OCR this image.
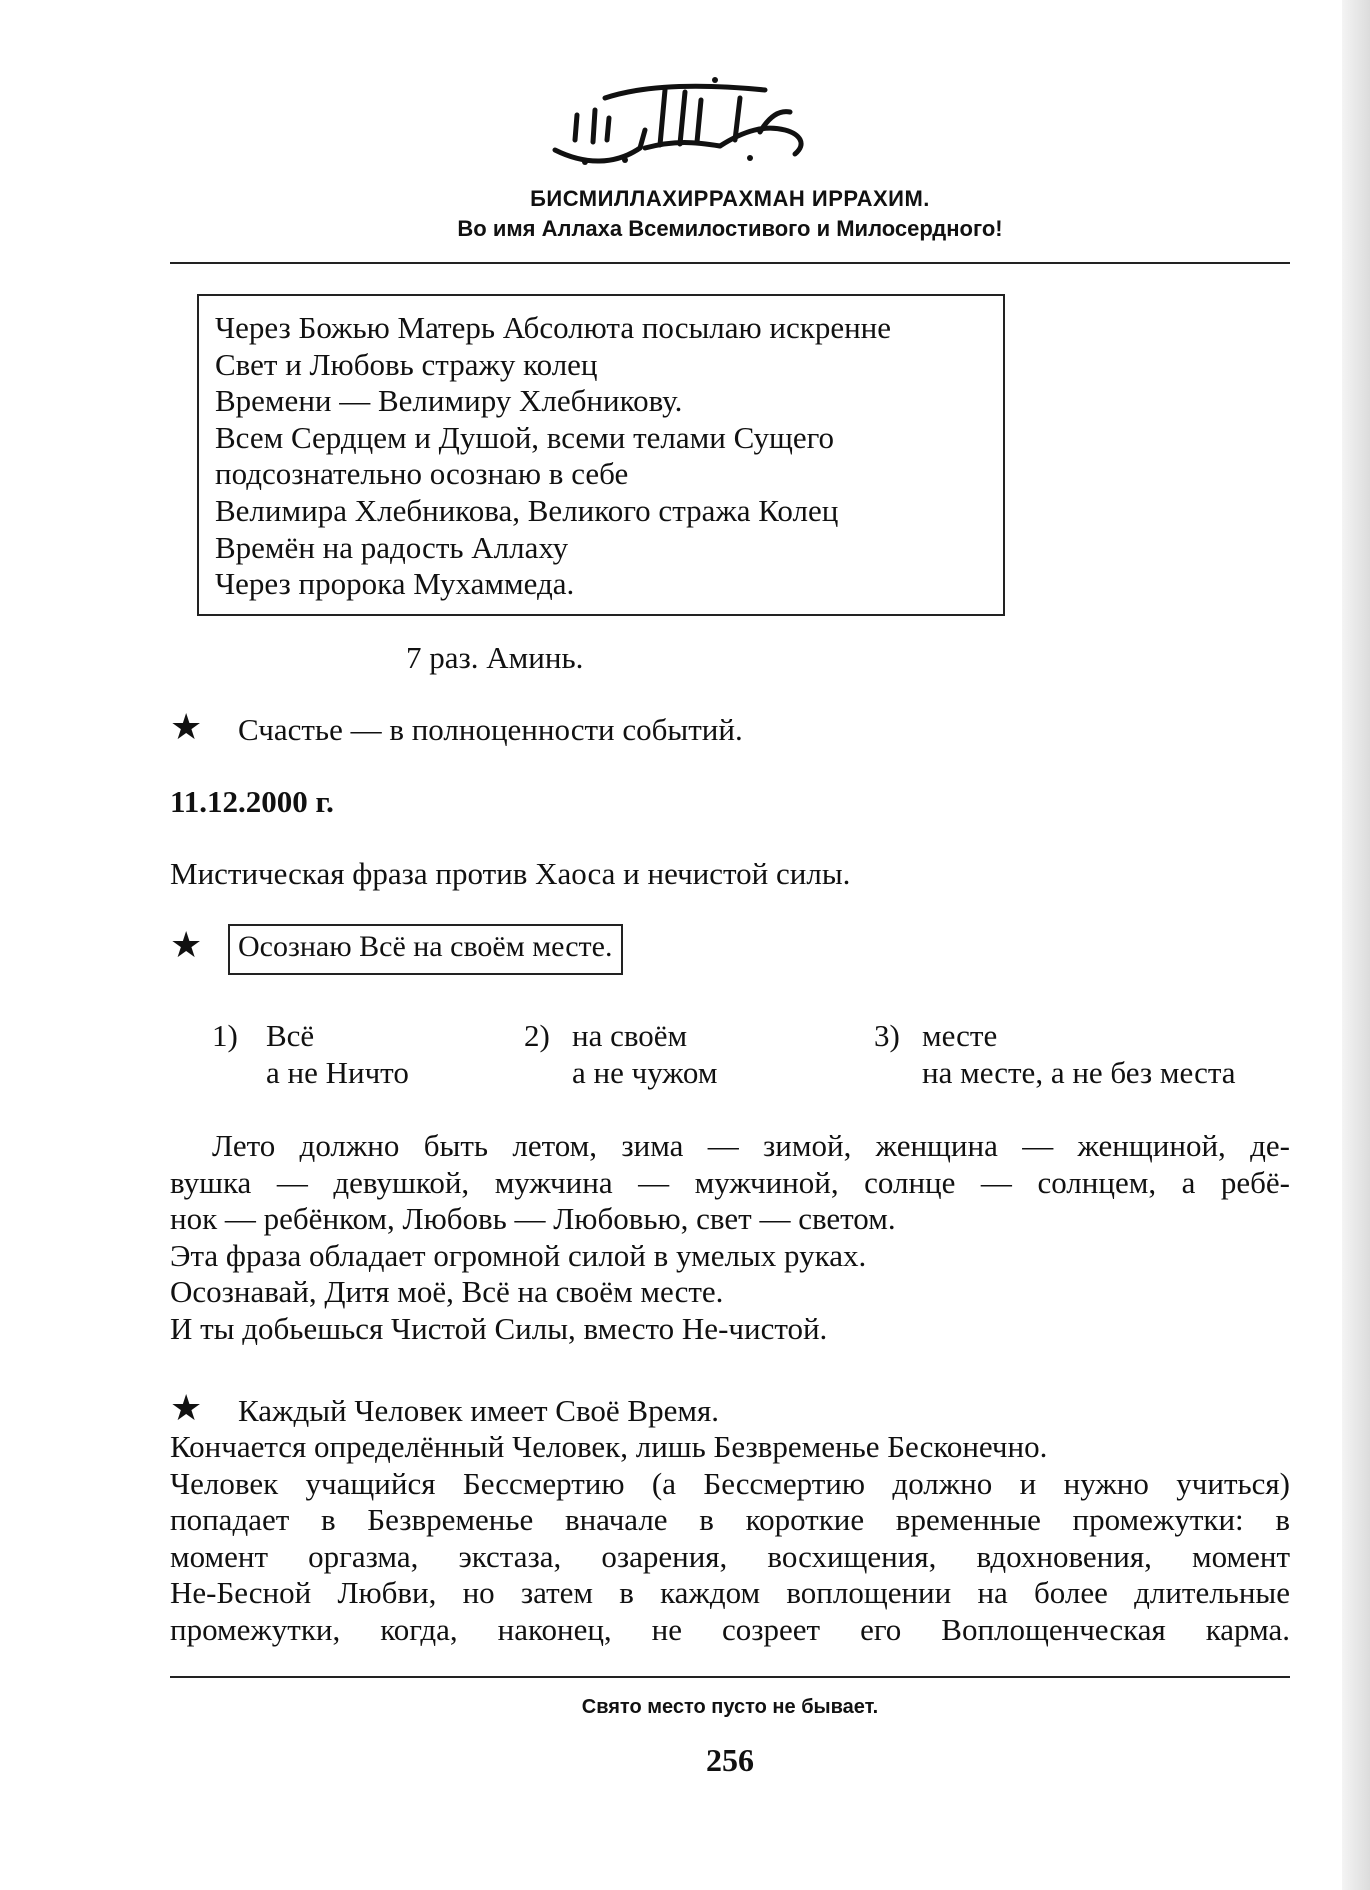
БИСМИЛЛАХИРРАХМАН ИРРАХИМ.
Во имя Аллаха Всемилостивого и Милосердного!
Через Божью Матерь Абсолюта посылаю искренне
Свет и Любовь стражу колец
Времени — Велимиру Хлебникову.
Всем Сердцем и Душой, всеми телами Сущего
подсознательно осознаю в себе
Велимира Хлебникова, Великого стража Колец
Времён на радость Аллаху
Через пророка Мухаммеда.
7 раз. Аминь.
★ Счастье — в полноценности событий.
11.12.2000 г.
Мистическая фраза против Хаоса и нечистой силы.
★	Осознаю Всё на своём месте.
1) Всё
а не Ничто
2) на своём
а не чужом
3) месте
на месте, а не без места
Лето должно быть летом, зима — зимой, женщина — женщиной, де-
вушка — девушкой, мужчина — мужчиной, солнце — солнцем, а ребё-
нок — ребёнком, Любовь — Любовью, свет — светом.
Эта фраза обладает огромной силой в умелых руках.
Осознавай, Дитя моё, Всё на своём месте.
И ты добьешься Чистой Силы, вместо Не-чистой.
★ Каждый Человек имеет Своё Время.
Кончается определённый Человек, лишь Безвременье Бесконечно.
Человек учащийся Бессмертию (а Бессмертию должно и нужно учиться)
попадает в Безвременье вначале в короткие временные промежутки: в
момент оргазма, экстаза, озарения, восхищения, вдохновения, момент
Не-Бесной Любви, но затем в каждом воплощении на более длительные
промежутки, когда, наконец, не созреет его Воплощенческая карма.
Свято место пусто не бывает.
256
